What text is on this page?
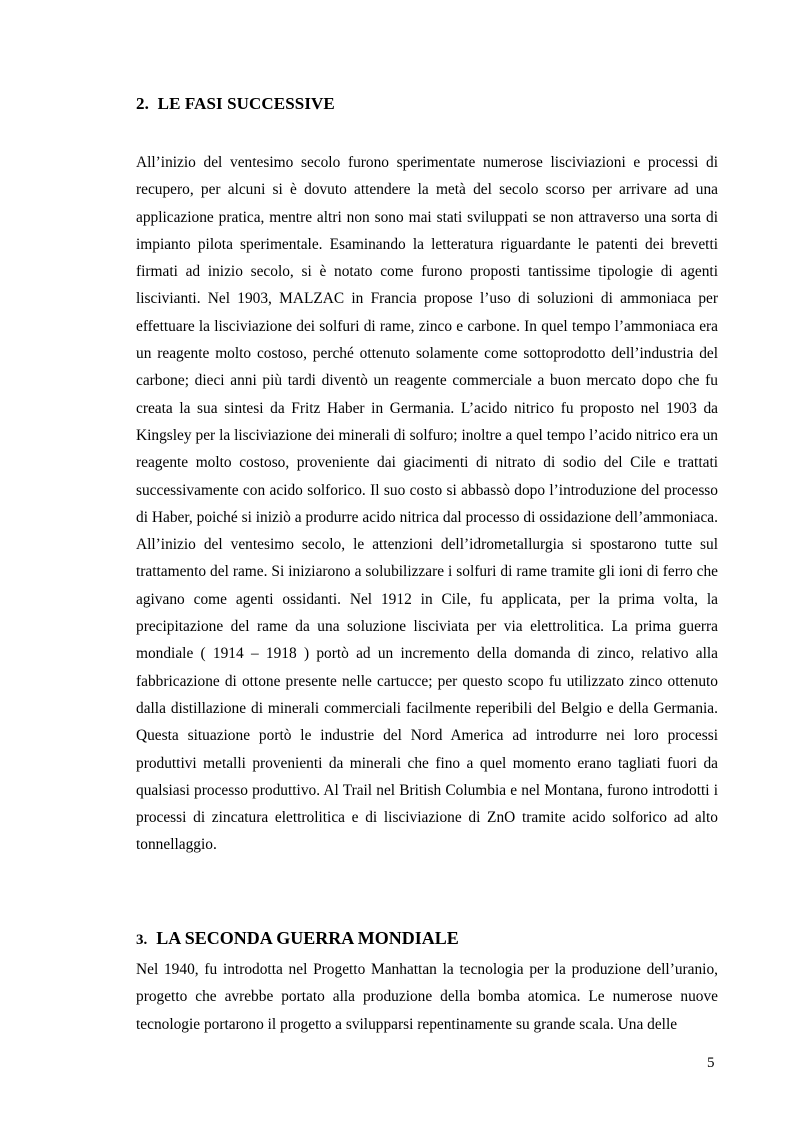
2. LE FASI SUCCESSIVE

All’inizio del ventesimo secolo furono sperimentate numerose lisciviazioni e processi di recupero, per alcuni si è dovuto attendere la metà del secolo scorso per arrivare ad una applicazione pratica, mentre altri non sono mai stati sviluppati se non attraverso una sorta di impianto pilota sperimentale. Esaminando la letteratura riguardante le patenti dei brevetti firmati ad inizio secolo, si è notato come furono proposti tantissime tipologie di agenti liscivianti. Nel 1903, MALZAC in Francia propose l’uso di soluzioni di ammoniaca per effettuare la lisciviazione dei solfuri di rame, zinco e carbone. In quel tempo l’ammoniaca era un reagente molto costoso, perché ottenuto solamente come sottoprodotto dell’industria del carbone; dieci anni più tardi diventò un reagente commerciale a buon mercato dopo che fu creata la sua sintesi da Fritz Haber in Germania. L’acido nitrico fu proposto nel 1903 da Kingsley per la lisciviazione dei minerali di solfuro; inoltre a quel tempo l’acido nitrico era un reagente molto costoso, proveniente dai giacimenti di nitrato di sodio del Cile e trattati successivamente con acido solforico. Il suo costo si abbassò dopo l’introduzione del processo di Haber, poiché si iniziò a produrre acido nitrica dal processo di ossidazione dell’ammoniaca. All’inizio del ventesimo secolo, le attenzioni dell’idrometallurgia si spostarono tutte sul trattamento del rame. Si iniziarono a solubilizzare i solfuri di rame tramite gli ioni di ferro che agivano come agenti ossidanti. Nel 1912 in Cile, fu applicata, per la prima volta, la precipitazione del rame da una soluzione lisciviata per via elettrolitica. La prima guerra mondiale ( 1914 – 1918 ) portò ad un incremento della domanda di zinco, relativo alla fabbricazione di ottone presente nelle cartucce; per questo scopo fu utilizzato zinco ottenuto dalla distillazione di minerali commerciali facilmente reperibili del Belgio e della Germania. Questa situazione portò le industrie del Nord America ad introdurre nei loro processi produttivi metalli provenienti da minerali che fino a quel momento erano tagliati fuori da qualsiasi processo produttivo. Al Trail nel British Columbia e nel Montana, furono introdotti i processi di zincatura elettrolitica e di lisciviazione di ZnO tramite acido solforico ad alto tonnellaggio.

3. LA SECONDA GUERRA MONDIALE

Nel 1940, fu introdotta nel Progetto Manhattan la tecnologia per la produzione dell’uranio, progetto che avrebbe portato alla produzione della bomba atomica. Le numerose nuove tecnologie portarono il progetto a svilupparsi repentinamente su grande scala. Una delle

5
